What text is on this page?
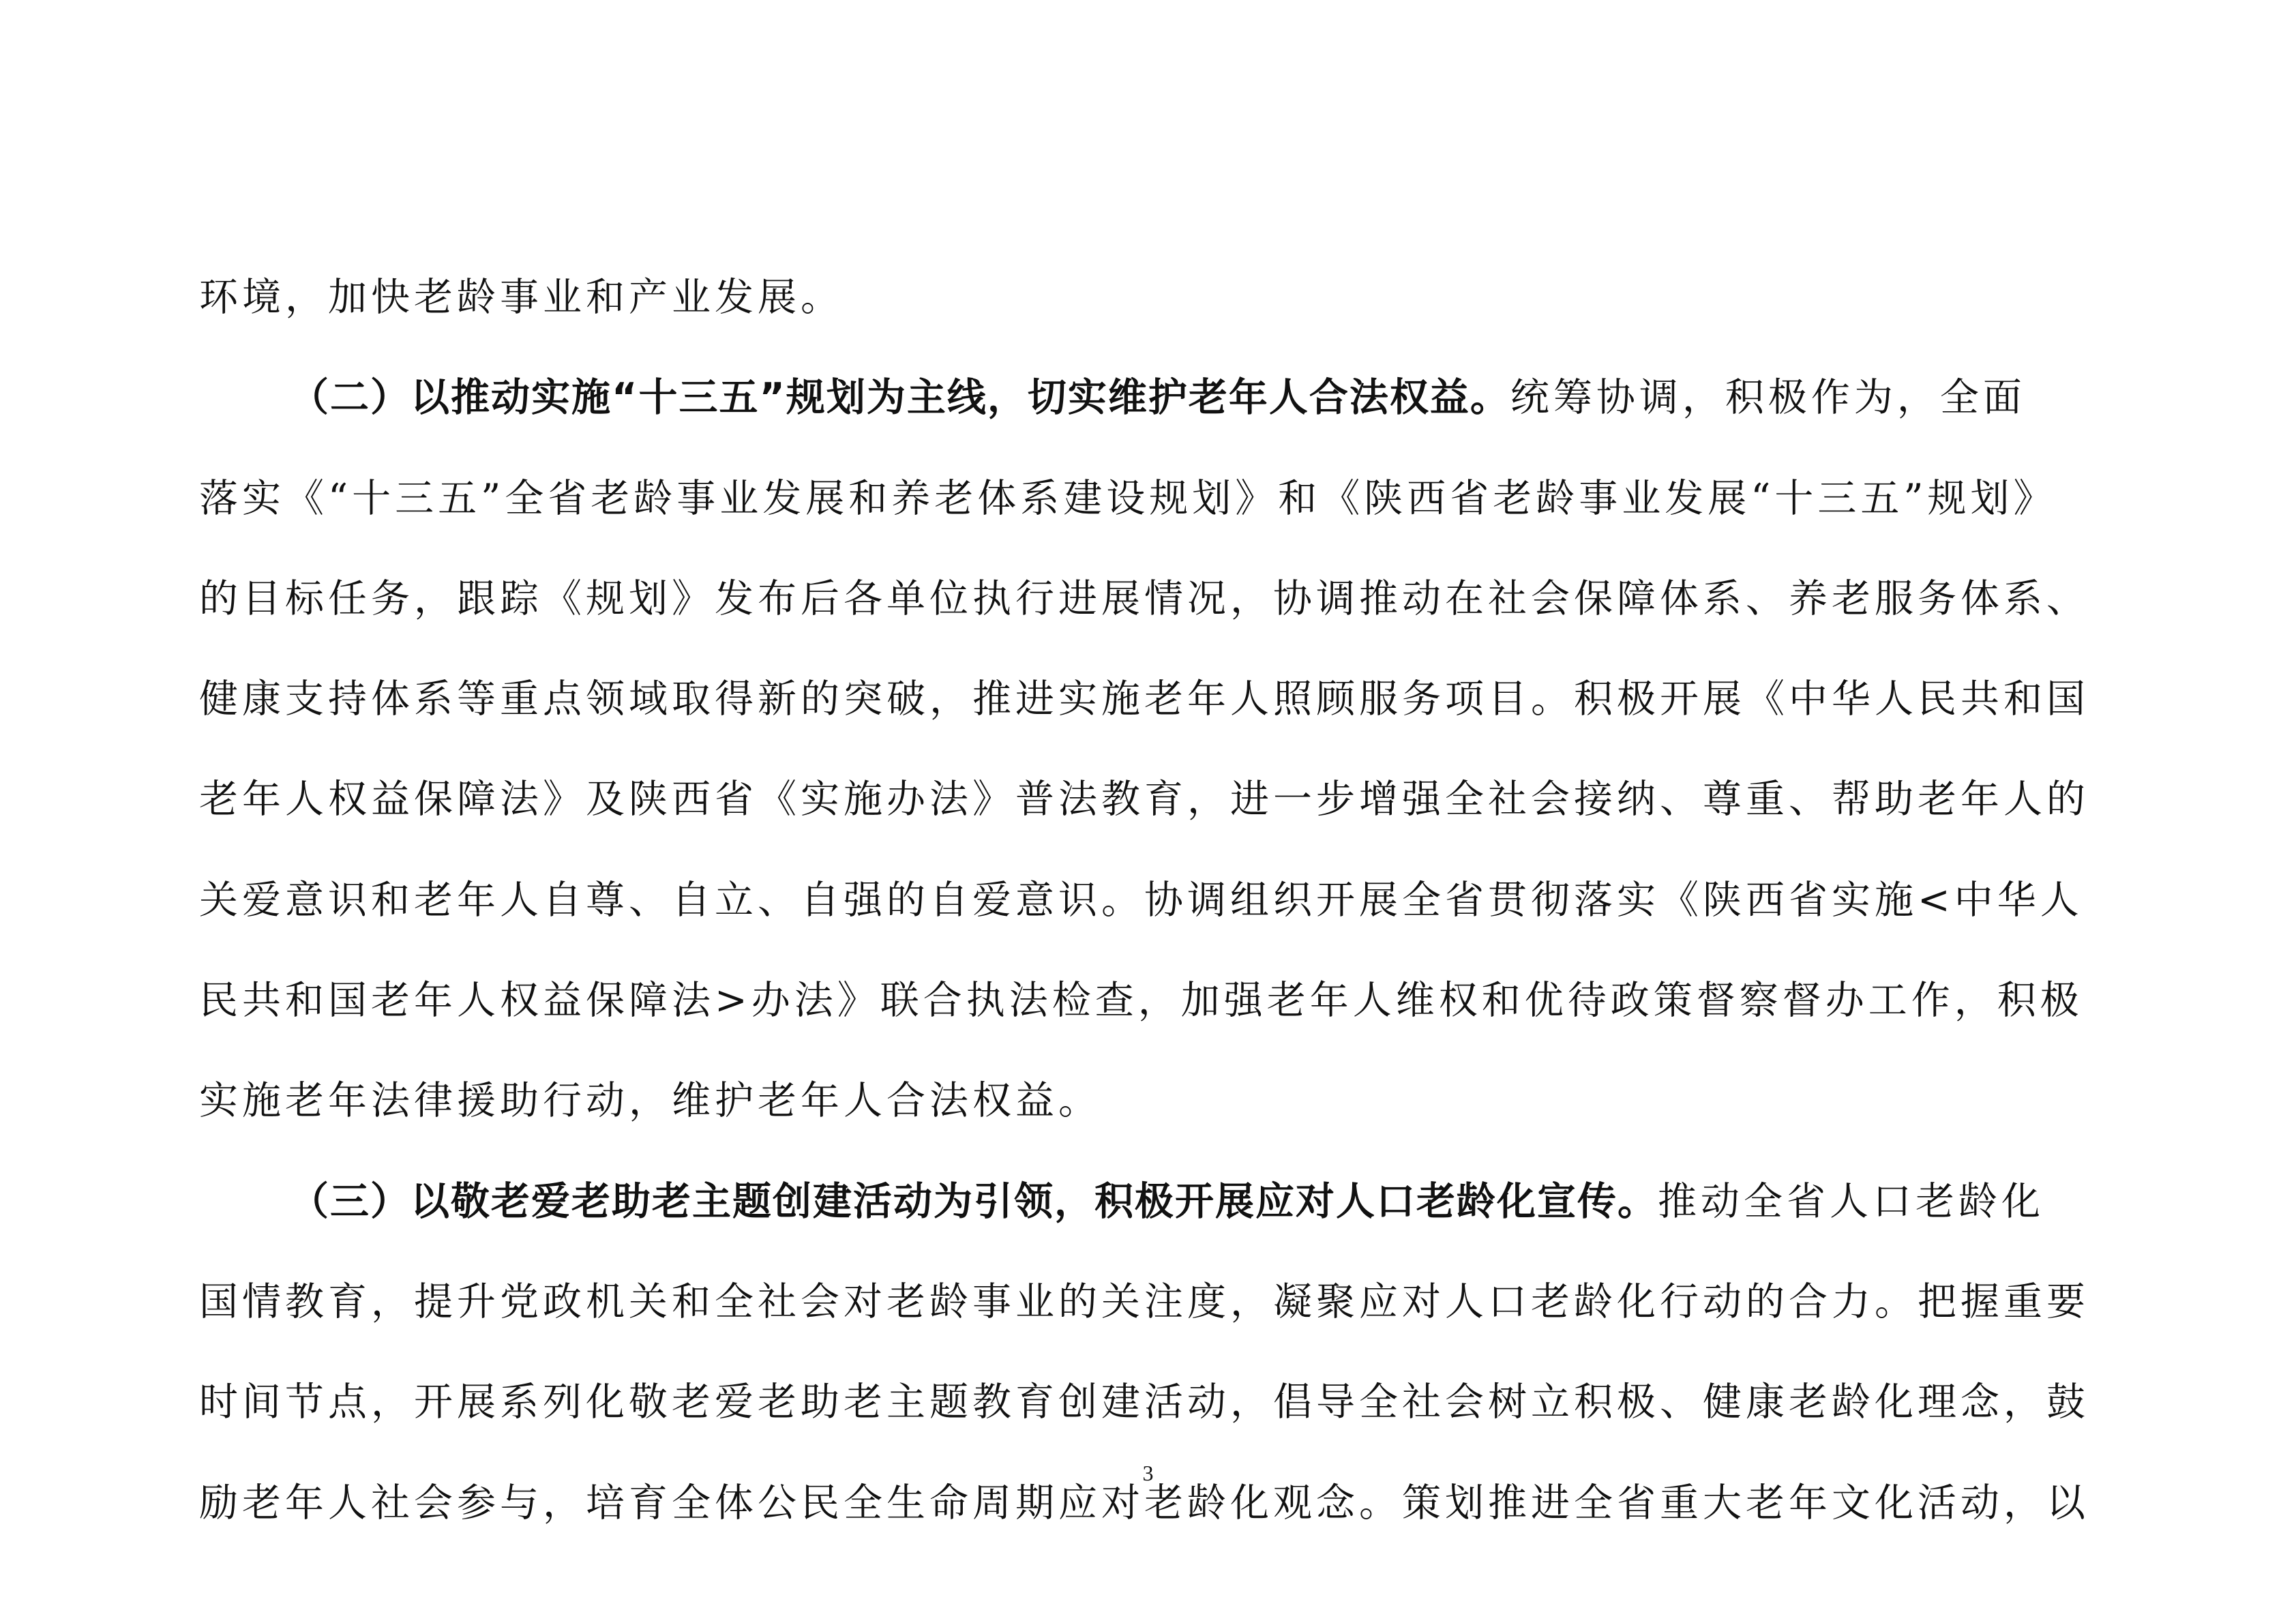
环境，加快老龄事业和产业发展。
（二）以推动实施“十三五”规划为主线，切实维护老年人合法权益。统筹协调，积极作为，全面
落实《“十三五”全省老龄事业发展和养老体系建设规划》和《陕西省老龄事业发展“十三五”规划》
的目标任务，跟踪《规划》发布后各单位执行进展情况，协调推动在社会保障体系、养老服务体系、
健康支持体系等重点领域取得新的突破，推进实施老年人照顾服务项目。积极开展《中华人民共和国
老年人权益保障法》及陕西省《实施办法》普法教育，进一步增强全社会接纳、尊重、帮助老年人的
关爱意识和老年人自尊、自立、自强的自爱意识。协调组织开展全省贯彻落实《陕西省实施<中华人
民共和国老年人权益保障法>办法》联合执法检查，加强老年人维权和优待政策督察督办工作，积极
实施老年法律援助行动，维护老年人合法权益。
（三）以敬老爱老助老主题创建活动为引领，积极开展应对人口老龄化宣传。推动全省人口老龄化
国情教育，提升党政机关和全社会对老龄事业的关注度，凝聚应对人口老龄化行动的合力。把握重要
时间节点，开展系列化敬老爱老助老主题教育创建活动，倡导全社会树立积极、健康老龄化理念，鼓
励老年人社会参与，培育全体公民全生命周期应对老龄化观念。策划推进全省重大老年文化活动，以
3
